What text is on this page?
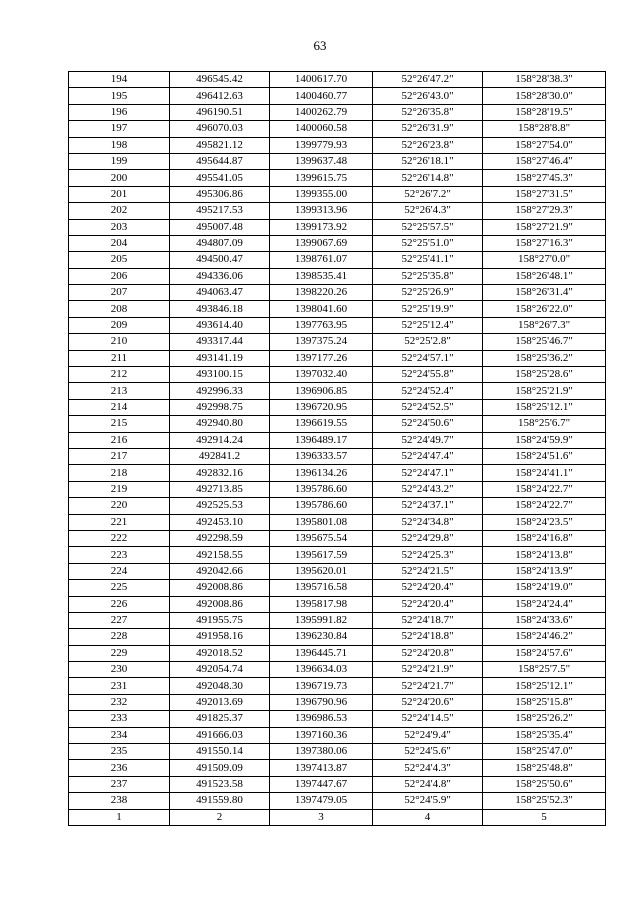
63
194	496545.42	1400617.70	52°26'47.2"	158°28'38.3"
195	496412.63	1400460.77	52°26'43.0"	158°28'30.0"
196	496190.51	1400262.79	52°26'35.8"	158°28'19.5"
197	496070.03	1400060.58	52°26'31.9"	158°28'8.8"
198	495821.12	1399779.93	52°26'23.8"	158°27'54.0"
199	495644.87	1399637.48	52°26'18.1"	158°27'46.4"
200	495541.05	1399615.75	52°26'14.8"	158°27'45.3"
201	495306.86	1399355.00	52°26'7.2"	158°27'31.5"
202	495217.53	1399313.96	52°26'4.3"	158°27'29.3"
203	495007.48	1399173.92	52°25'57.5"	158°27'21.9"
204	494807.09	1399067.69	52°25'51.0"	158°27'16.3"
205	494500.47	1398761.07	52°25'41.1"	158°27'0.0"
206	494336.06	1398535.41	52°25'35.8"	158°26'48.1"
207	494063.47	1398220.26	52°25'26.9"	158°26'31.4"
208	493846.18	1398041.60	52°25'19.9"	158°26'22.0"
209	493614.40	1397763.95	52°25'12.4"	158°26'7.3"
210	493317.44	1397375.24	52°25'2.8"	158°25'46.7"
211	493141.19	1397177.26	52°24'57.1"	158°25'36.2"
212	493100.15	1397032.40	52°24'55.8"	158°25'28.6"
213	492996.33	1396906.85	52°24'52.4"	158°25'21.9"
214	492998.75	1396720.95	52°24'52.5"	158°25'12.1"
215	492940.80	1396619.55	52°24'50.6"	158°25'6.7"
216	492914.24	1396489.17	52°24'49.7"	158°24'59.9"
217	492841.2	1396333.57	52°24'47.4"	158°24'51.6"
218	492832.16	1396134.26	52°24'47.1"	158°24'41.1"
219	492713.85	1395786.60	52°24'43.2"	158°24'22.7"
220	492525.53	1395786.60	52°24'37.1"	158°24'22.7"
221	492453.10	1395801.08	52°24'34.8"	158°24'23.5"
222	492298.59	1395675.54	52°24'29.8"	158°24'16.8"
223	492158.55	1395617.59	52°24'25.3"	158°24'13.8"
224	492042.66	1395620.01	52°24'21.5"	158°24'13.9"
225	492008.86	1395716.58	52°24'20.4"	158°24'19.0"
226	492008.86	1395817.98	52°24'20.4"	158°24'24.4"
227	491955.75	1395991.82	52°24'18.7"	158°24'33.6"
228	491958.16	1396230.84	52°24'18.8"	158°24'46.2"
229	492018.52	1396445.71	52°24'20.8"	158°24'57.6"
230	492054.74	1396634.03	52°24'21.9"	158°25'7.5"
231	492048.30	1396719.73	52°24'21.7"	158°25'12.1"
232	492013.69	1396790.96	52°24'20.6"	158°25'15.8"
233	491825.37	1396986.53	52°24'14.5"	158°25'26.2"
234	491666.03	1397160.36	52°24'9.4"	158°25'35.4"
235	491550.14	1397380.06	52°24'5.6"	158°25'47.0"
236	491509.09	1397413.87	52°24'4.3"	158°25'48.8"
237	491523.58	1397447.67	52°24'4.8"	158°25'50.6"
238	491559.80	1397479.05	52°24'5.9"	158°25'52.3"
1	2	3	4	5
